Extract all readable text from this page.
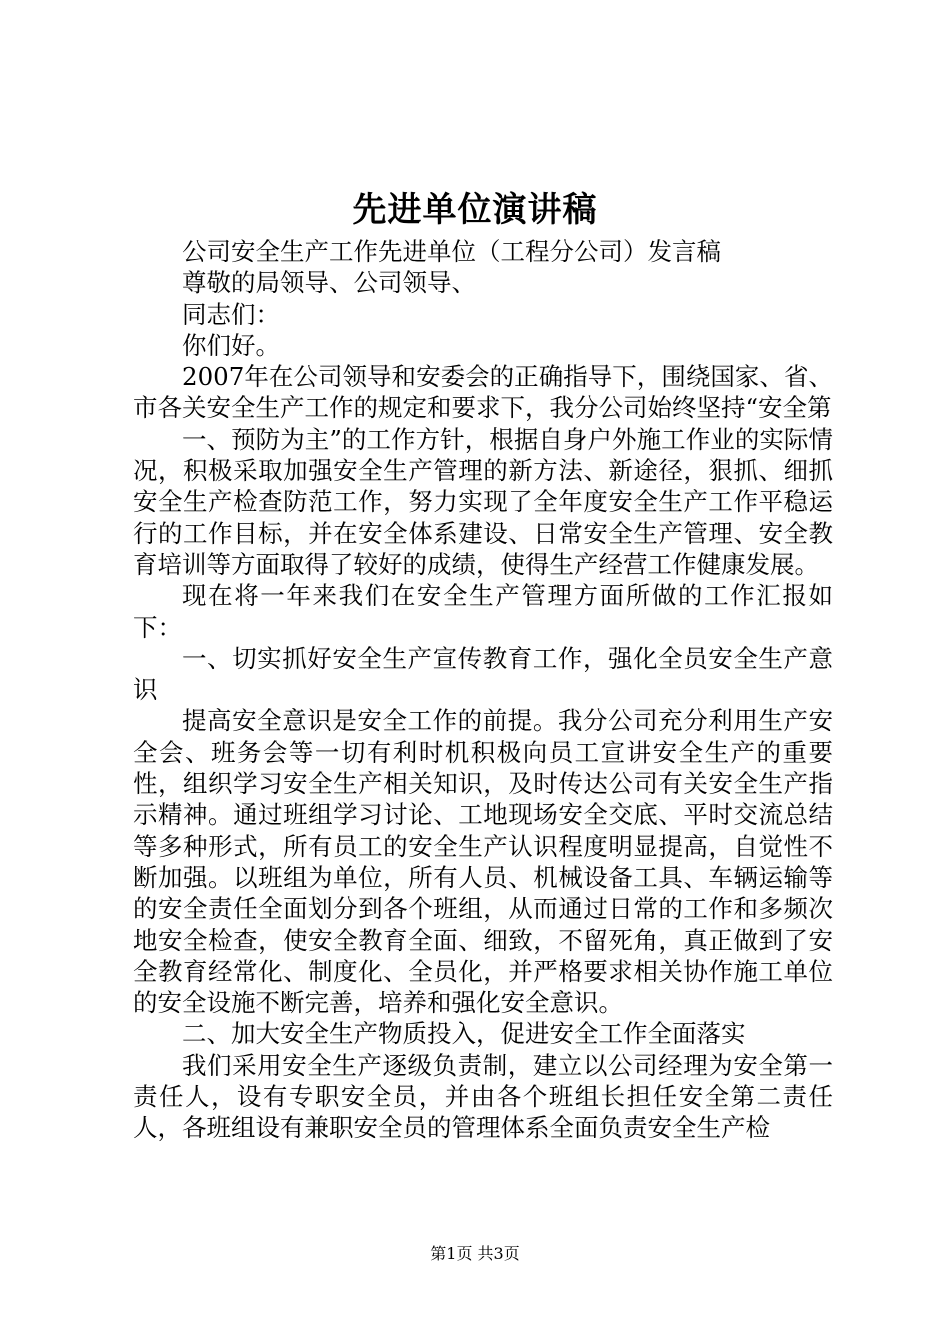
先进单位演讲稿

公司安全生产工作先进单位（工程分公司）发言稿

尊敬的局领导、公司领导、

同志们：

你们好。

2007年在公司领导和安委会的正确指导下，围绕国家、省、市各关安全生产工作的规定和要求下，我分公司始终坚持“安全第

一、预防为主”的工作方针，根据自身户外施工作业的实际情况，积极采取加强安全生产管理的新方法、新途径，狠抓、细抓安全生产检查防范工作，努力实现了全年度安全生产工作平稳运行的工作目标，并在安全体系建设、日常安全生产管理、安全教育培训等方面取得了较好的成绩，使得生产经营工作健康发展。

现在将一年来我们在安全生产管理方面所做的工作汇报如下：

一、切实抓好安全生产宣传教育工作，强化全员安全生产意识

提高安全意识是安全工作的前提。我分公司充分利用生产安全会、班务会等一切有利时机积极向员工宣讲安全生产的重要性，组织学习安全生产相关知识，及时传达公司有关安全生产指示精神。通过班组学习讨论、工地现场安全交底、平时交流总结等多种形式，所有员工的安全生产认识程度明显提高，自觉性不断加强。以班组为单位，所有人员、机械设备工具、车辆运输等的安全责任全面划分到各个班组，从而通过日常的工作和多频次地安全检查，使安全教育全面、细致，不留死角，真正做到了安全教育经常化、制度化、全员化，并严格要求相关协作施工单位的安全设施不断完善，培养和强化安全意识。

二、加大安全生产物质投入，促进安全工作全面落实

我们采用安全生产逐级负责制，建立以公司经理为安全第一责任人，设有专职安全员，并由各个班组长担任安全第二责任人，各班组设有兼职安全员的管理体系全面负责安全生产检

第1页 共3页
